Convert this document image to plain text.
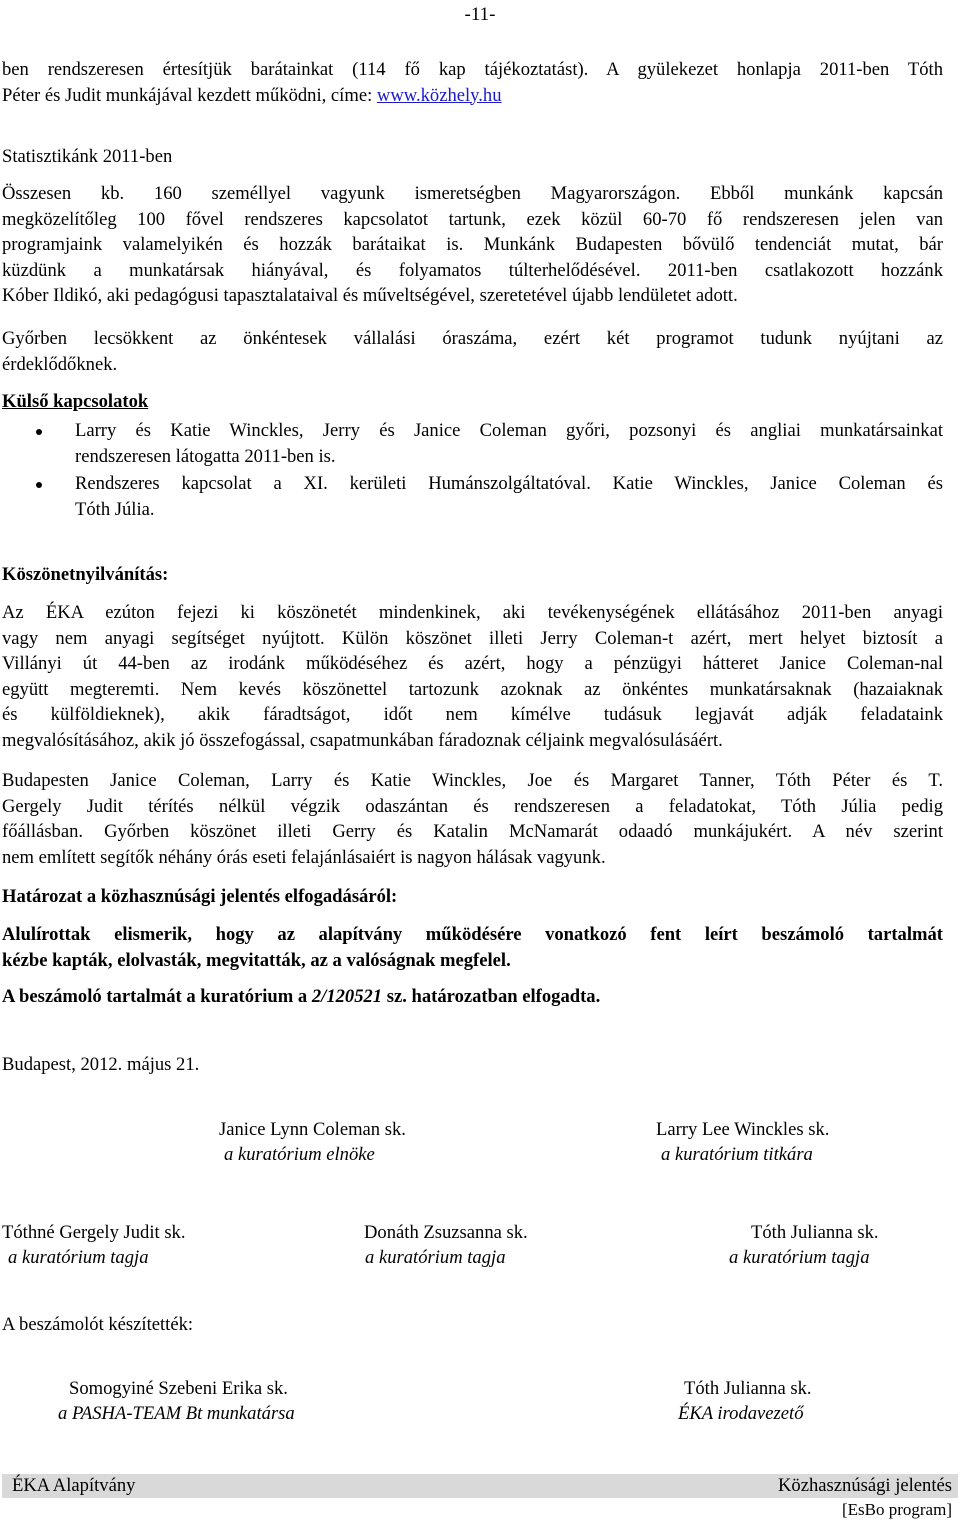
-11-
ben rendszeresen értesítjük barátainkat (114 fő kap tájékoztatást). A gyülekezet honlapja 2011-ben Tóth
Péter és Judit munkájával kezdett működni, címe: www.közhely.hu
Statisztikánk 2011-ben
Összesen kb. 160 személlyel vagyunk ismeretségben Magyarországon. Ebből munkánk kapcsán
megközelítőleg 100 fővel rendszeres kapcsolatot tartunk, ezek közül 60-70 fő rendszeresen jelen van
programjaink valamelyikén és hozzák barátaikat is. Munkánk Budapesten bővülő tendenciát mutat, bár
küzdünk a munkatársak hiányával, és folyamatos túlterhelődésével. 2011-ben csatlakozott hozzánk
Kóber Ildikó, aki pedagógusi tapasztalataival és műveltségével, szeretetével újabb lendületet adott.
Győrben lecsökkent az önkéntesek vállalási óraszáma, ezért két programot tudunk nyújtani az
érdeklődőknek.
Külső kapcsolatok
Larry és Katie Winckles, Jerry és Janice Coleman győri, pozsonyi és angliai munkatársainkat
rendszeresen látogatta 2011-ben is.
Rendszeres kapcsolat a XI. kerületi Humánszolgáltatóval. Katie Winckles, Janice Coleman és
Tóth Júlia.
Köszönetnyilvánítás:
Az ÉKA ezúton fejezi ki köszönetét mindenkinek, aki tevékenységének ellátásához 2011-ben anyagi
vagy nem anyagi segítséget nyújtott. Külön köszönet illeti Jerry Coleman-t azért, mert helyet biztosít a
Villányi út 44-ben az irodánk működéséhez és azért, hogy a pénzügyi hátteret Janice Coleman-nal
együtt megteremti. Nem kevés köszönettel tartozunk azoknak az önkéntes munkatársaknak (hazaiaknak
és külföldieknek), akik fáradtságot, időt nem kímélve tudásuk legjavát adják feladataink
megvalósításához, akik jó összefogással, csapatmunkában fáradoznak céljaink megvalósulásáért.
Budapesten Janice Coleman, Larry és Katie Winckles, Joe és Margaret Tanner, Tóth Péter és T.
Gergely Judit térítés nélkül végzik odaszántan és rendszeresen a feladatokat, Tóth Júlia pedig
főállásban. Győrben köszönet illeti Gerry és Katalin McNamarát odaadó munkájukért. A név szerint
nem említett segítők néhány órás eseti felajánlásaiért is nagyon hálásak vagyunk.
Határozat a közhasznúsági jelentés elfogadásáról:
Alulírottak elismerik, hogy az alapítvány működésére vonatkozó fent leírt beszámoló tartalmát
kézbe kapták, elolvasták, megvitatták, az a valóságnak megfelel.
A beszámoló tartalmát a kuratórium a 2/120521 sz. határozatban elfogadta.
Budapest, 2012. május 21.
Janice Lynn Coleman sk.
a kuratórium elnöke
Larry Lee Winckles sk.
a kuratórium titkára
Tóthné Gergely Judit sk.
a kuratórium tagja
Donáth Zsuzsanna sk.
a kuratórium tagja
Tóth Julianna sk.
a kuratórium tagja
A beszámolót készítették:
Somogyiné Szebeni Erika sk.
a PASHA-TEAM Bt munkatársa
Tóth Julianna sk.
ÉKA irodavezető
ÉKA Alapítvány	Közhasznúsági jelentés
[EsBo program]
